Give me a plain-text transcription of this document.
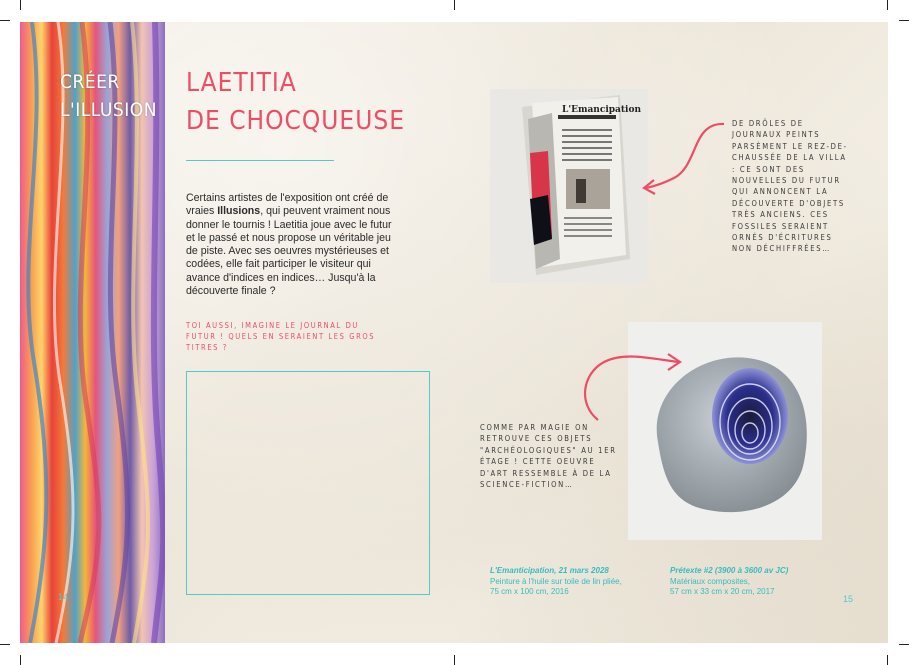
CRÉER L'ILLUSION
LAETITIA
DE CHOCQUEUSE
Certains artistes de l'exposition ont créé de vraies Illusions, qui peuvent vraiment nous donner le tournis ! Laetitia joue avec le futur et le passé et nous propose un véritable jeu de piste. Avec ses oeuvres mystérieuses et codées, elle fait participer le visiteur qui avance d'indices en indices… Jusqu'à la découverte finale ?
TOI AUSSI, IMAGINE LE JOURNAL DU FUTUR ! QUELS EN SERAIENT LES GROS TITRES ?
14
L'Emancipation
DE DRÔLES DE JOURNAUX PEINTS PARSÈMENT LE REZ-DE-CHAUSSÉE DE LA VILLA : CE SONT DES NOUVELLES DU FUTUR QUI ANNONCENT LA DÉCOUVERTE D'OBJETS TRÈS ANCIENS. CES FOSSILES SERAIENT ORNÉS D'ÉCRITURES NON DÉCHIFFRÉES…
COMME PAR MAGIE ON RETROUVE CES OBJETS "ARCHÉOLOGIQUES" AU 1ER ÉTAGE ! CETTE OEUVRE D'ART RESSEMBLE À DE LA SCIENCE-FICTION…
L'Emanticipation, 21 mars 2028
Peinture à l'huile sur toile de lin pliée,
75 cm x 100 cm, 2016
Prétexte #2 (3900 à 3600 av JC)
Matériaux composites,
57 cm x 33 cm x 20 cm, 2017
15
